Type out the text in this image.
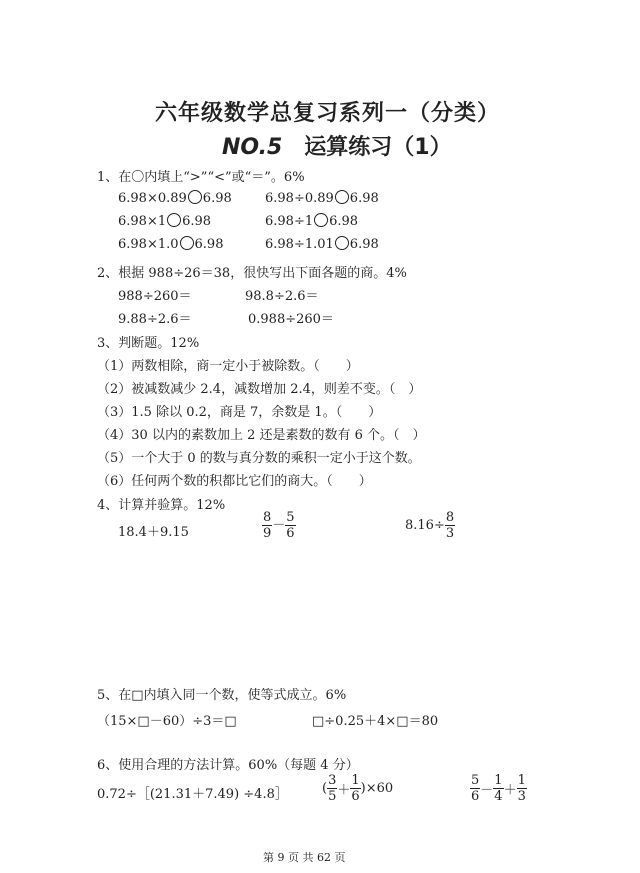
六年级数学总复习系列一（分类）
NO.5 运算练习（1）
1、在〇内填上“>”“<”或“＝”。6%
6.98×0.89 6.98	6.98÷0.89 6.98
6.98×1 6.98	6.98÷1 6.98
6.98×1.0 6.98	6.98÷1.01 6.98
2、根据 988÷26＝38，很快写出下面各题的商。4%
988÷260＝	98.8÷2.6＝
9.88÷2.6＝	0.988÷260＝
3、判断题。12%
（1）两数相除，商一定小于被除数。（　　）
（2）被减数减少 2.4，减数增加 2.4，则差不变。（　）
（3）1.5 除以 0.2，商是 7，余数是 1。（　　）
（4）30 以内的素数加上 2 还是素数的数有 6 个。（　）
（5）一个大于 0 的数与真分数的乘积一定小于这个数。
（6）任何两个数的积都比它们的商大。（　　）
4、计算并验算。12%
18.4＋9.15	$\frac{8}{9} - \frac{5}{6}$	$8.16\div \frac{8}{3}$
5、在□内填入同一个数，使等式成立。6%
（15×□－60）÷3＝□	□÷0.25＋4×□＝80
6、使用合理的方法计算。60%（每题 4 分）
0.72÷［(21.31＋7.49) ÷4.8］	( $\frac{3}{5} + \frac{1}{6} )\times 60$	$\frac{5}{6} - \frac{1}{4} + \frac{1}{3}$
第 9 页 共 62 页
